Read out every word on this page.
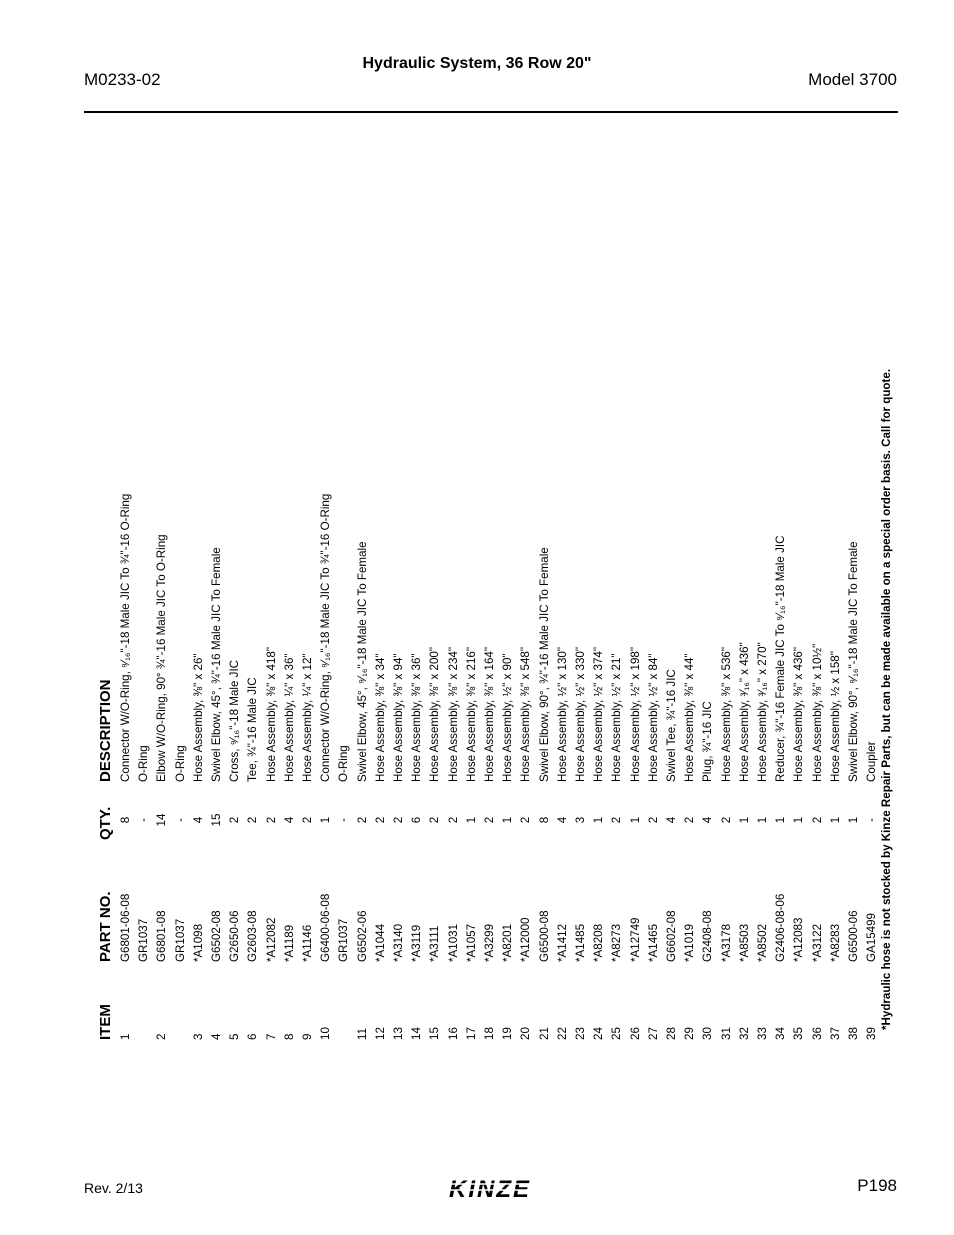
M0233-02
Hydraulic System, 36 Row 20"
Model 3700
ITEM
PART NO.
QTY.
DESCRIPTION
1
G6801-06-08
8
Connector W/O-Ring, ⁹⁄₁₆"-18 Male JIC To ¾"-16 O-Ring
GR1037
-
O-Ring
2
G6801-08
14
Elbow W/O-Ring, 90° ¾"-16 Male JIC To O-Ring
GR1037
-
O-Ring
3
*A1098
4
Hose Assembly, ⅜" x 26"
4
G6502-08
15
Swivel Elbow, 45°, ¾"-16 Male JIC To Female
5
G2650-06
2
Cross, ⁹⁄₁₆"-18 Male JIC
6
G2603-08
2
Tee, ¾"-16 Male JIC
7
*A12082
2
Hose Assembly, ⅜" x 418"
8
*A1189
4
Hose Assembly, ¼" x 36"
9
*A1146
2
Hose Assembly, ¼" x 12"
10
G6400-06-08
1
Connector W/O-Ring, ⁹⁄₁₆"-18 Male JIC To ¾"-16 O-Ring
GR1037
-
O-Ring
11
G6502-06
2
Swivel Elbow, 45°, ⁹⁄₁₆"-18 Male JIC To Female
12
*A1044
2
Hose Assembly, ⅜" x 34"
13
*A3140
2
Hose Assembly, ⅜" x 94"
14
*A3119
6
Hose Assembly, ⅜" x 36"
15
*A3111
2
Hose Assembly, ⅜" x 200"
16
*A1031
2
Hose Assembly, ⅜" x 234"
17
*A1057
1
Hose Assembly, ⅜" x 216"
18
*A3299
2
Hose Assembly, ⅜" x 164"
19
*A8201
1
Hose Assembly, ½" x 90"
20
*A12000
2
Hose Assembly, ⅜" x 548"
21
G6500-08
8
Swivel Elbow, 90°, ¾"-16 Male JIC To Female
22
*A1412
4
Hose Assembly, ½" x 130"
23
*A1485
3
Hose Assembly, ½" x 330"
24
*A8208
1
Hose Assembly, ½" x 374"
25
*A8273
2
Hose Assembly, ½" x 21"
26
*A12749
1
Hose Assembly, ½" x 198"
27
*A1465
2
Hose Assembly, ½" x 84"
28
G6602-08
4
Swivel Tee, ¾"-16 JIC
29
*A1019
2
Hose Assembly, ⅜" x 44"
30
G2408-08
4
Plug, ¾"-16 JIC
31
*A3178
2
Hose Assembly, ⅜" x 536"
32
*A8503
1
Hose Assembly, ³⁄₁₆" x 436"
33
*A8502
1
Hose Assembly, ³⁄₁₆" x 270"
34
G2406-08-06
1
Reducer, ¾"-16 Female JIC To ⁹⁄₁₆"-18 Male JIC
35
*A12083
1
Hose Assembly, ⅜" x 436"
36
*A3122
2
Hose Assembly, ⅜" x 10½"
37
*A8283
1
Hose Assembly, ½ x 158"
38
G6500-06
1
Swivel Elbow, 90°, ⁹⁄₁₆"-18 Male JIC To Female
39
GA15499
-
Coupler *Hydraulic hose is not stocked by Kinze Repair Parts, but can be made available on a special order basis. Call for quote.
Rev. 2/13	KINZE	P198
